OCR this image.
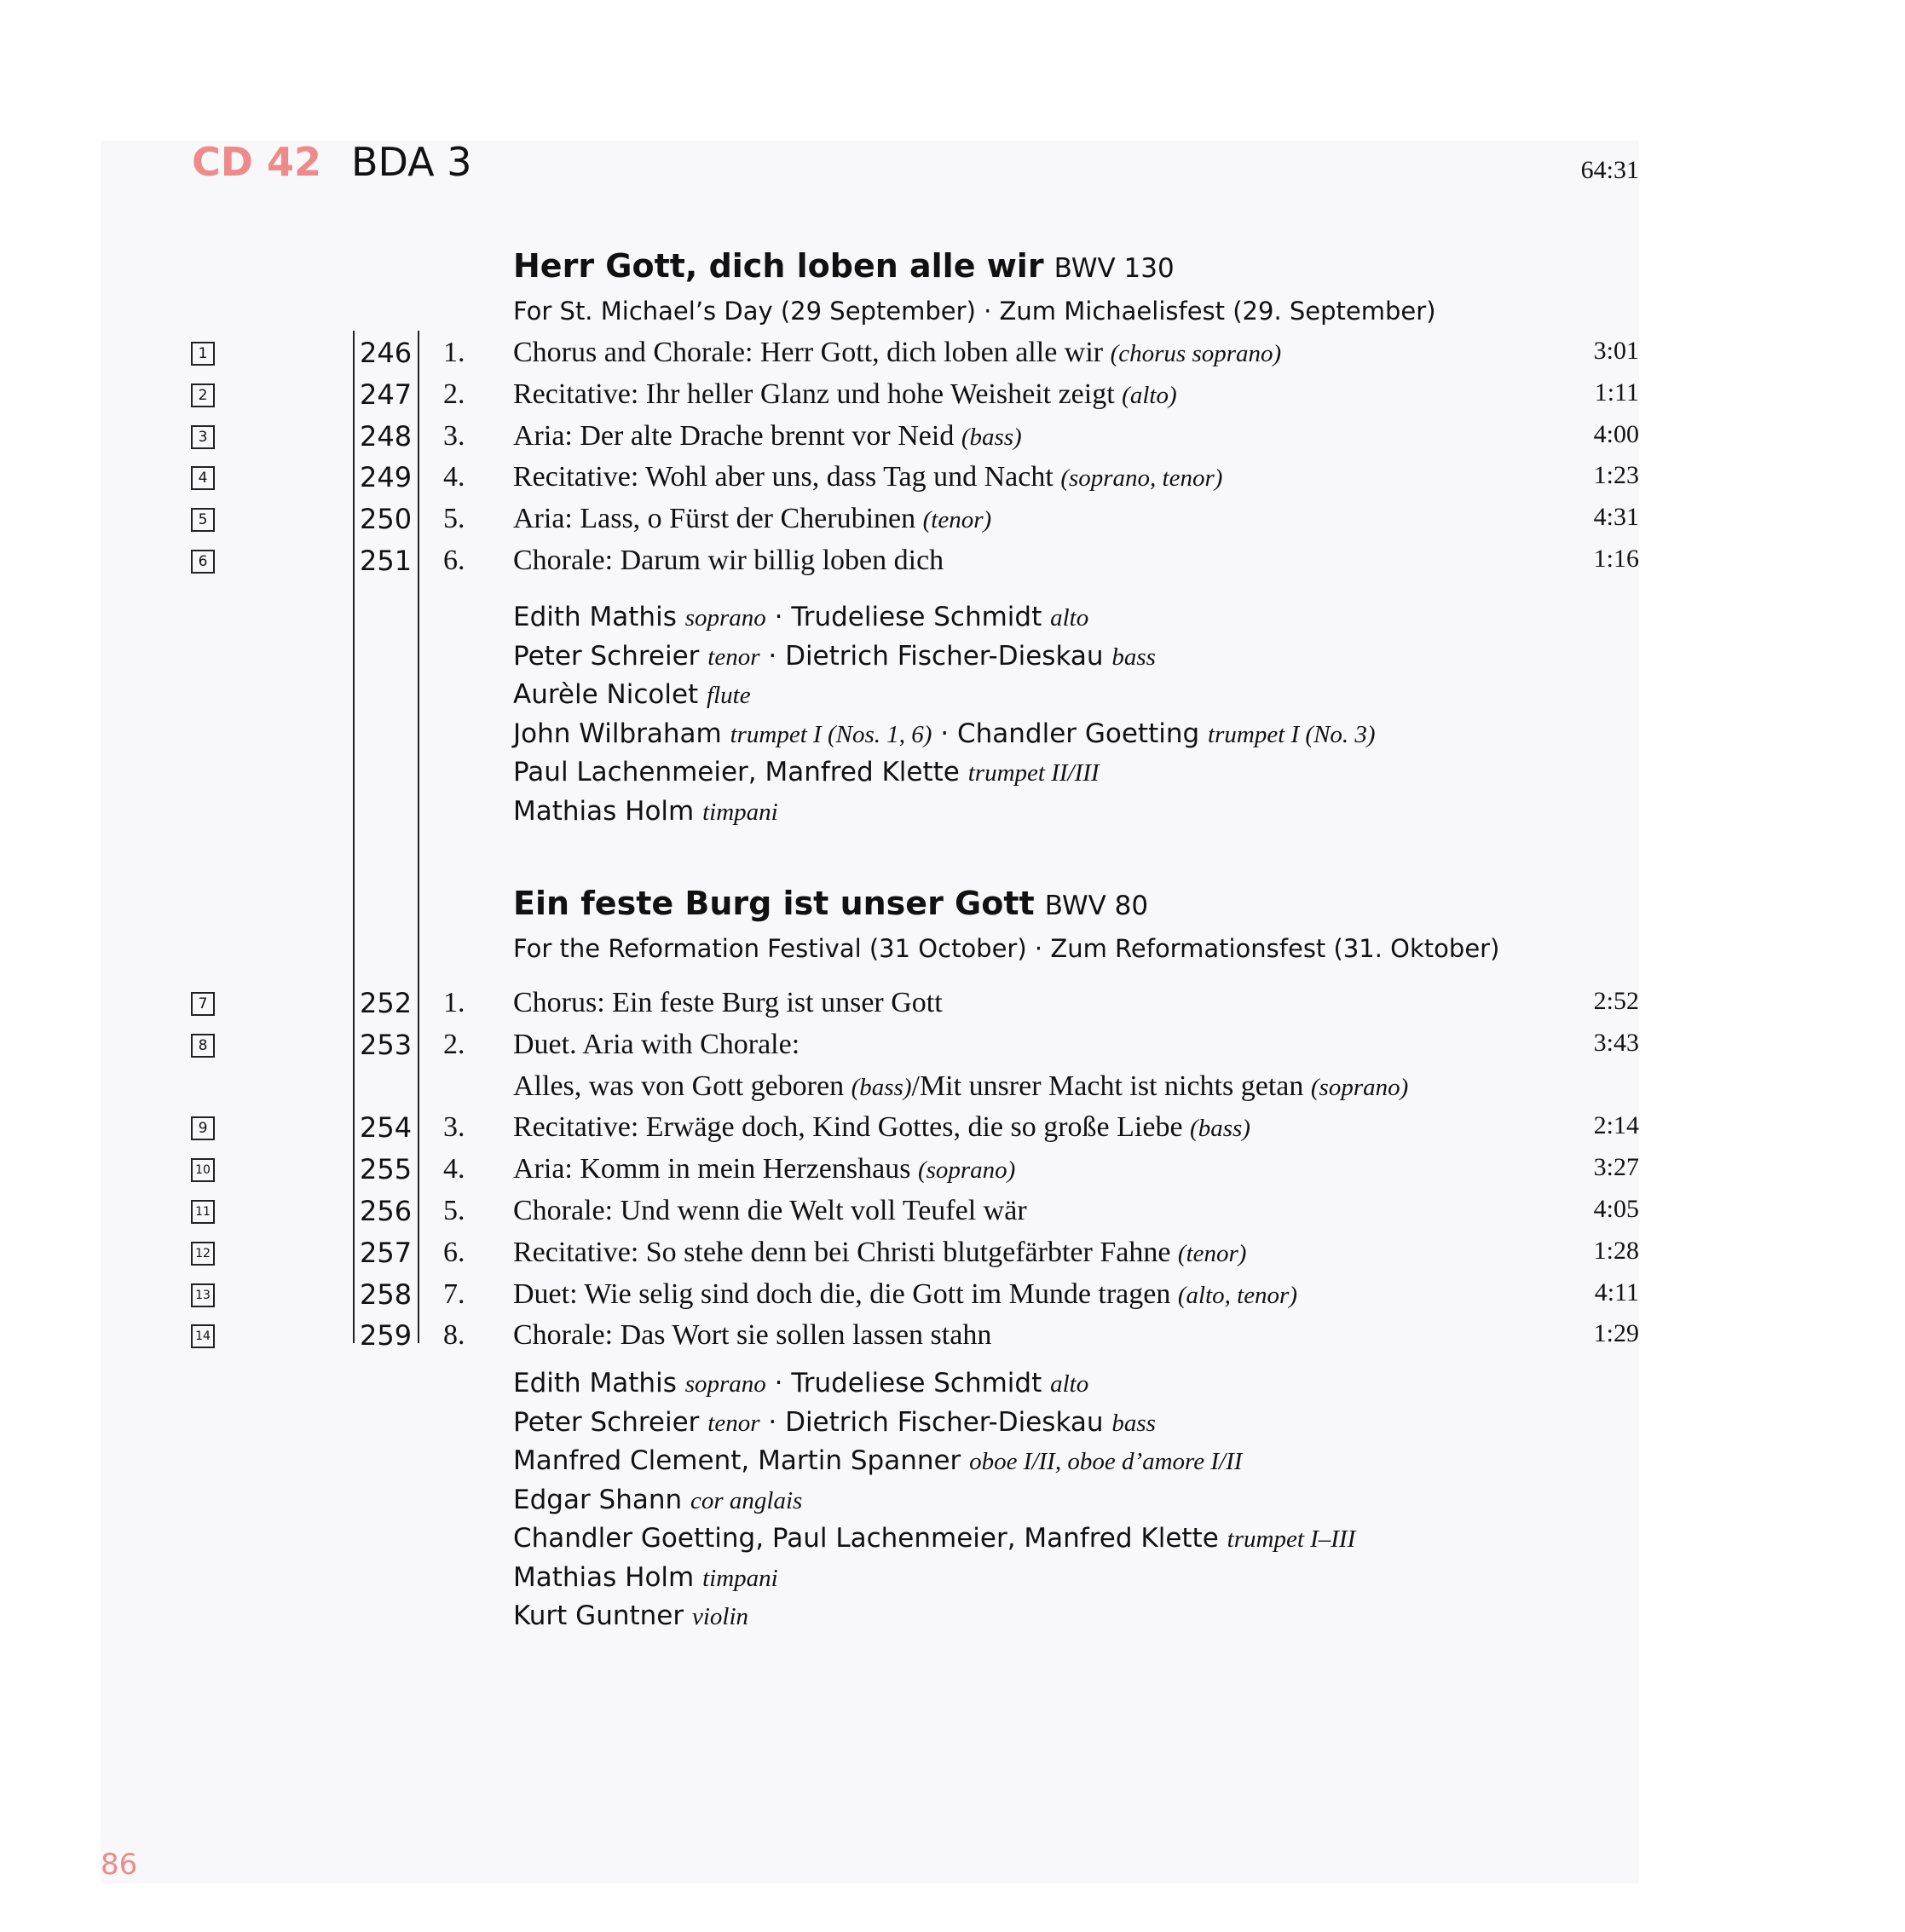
CD 42 BDA 3	64:31
Herr Gott, dich loben alle wir BWV 130
For St. Michael’s Day (29 September) · Zum Michaelisfest (29. September)
1	246 1. Chorus and Chorale: Herr Gott, dich loben alle wir (chorus soprano)	3:01
2	247 2. Recitative: Ihr heller Glanz und hohe Weisheit zeigt (alto)	1:11
3	248 3. Aria: Der alte Drache brennt vor Neid (bass)	4:00
4	249 4. Recitative: Wohl aber uns, dass Tag und Nacht (soprano, tenor)	1:23
5	250 5. Aria: Lass, o Fürst der Cherubinen (tenor)	4:31
6	251 6. Chorale: Darum wir billig loben dich	1:16
Edith Mathis soprano · Trudeliese Schmidt alto
Peter Schreier tenor · Dietrich Fischer-Dieskau bass
Aurèle Nicolet flute
John Wilbraham trumpet I (Nos. 1, 6) · Chandler Goetting trumpet I (No. 3)
Paul Lachenmeier, Manfred Klette trumpet II/III
Mathias Holm timpani
Ein feste Burg ist unser Gott BWV 80
For the Reformation Festival (31 October) · Zum Reformationsfest (31. Oktober)
7	252 1. Chorus: Ein feste Burg ist unser Gott	2:52
8	253 2. Duet. Aria with Chorale:	3:43
Alles, was von Gott geboren (bass)/Mit unsrer Macht ist nichts getan (soprano)
9	254 3. Recitative: Erwäge doch, Kind Gottes, die so große Liebe (bass)	2:14
10	255 4. Aria: Komm in mein Herzenshaus (soprano)	3:27
11	256 5. Chorale: Und wenn die Welt voll Teufel wär	4:05
12	257 6. Recitative: So stehe denn bei Christi blutgefärbter Fahne (tenor)	1:28
13	258 7. Duet: Wie selig sind doch die, die Gott im Munde tragen (alto, tenor)	4:11
14	259 8. Chorale: Das Wort sie sollen lassen stahn	1:29
Edith Mathis soprano · Trudeliese Schmidt alto
Peter Schreier tenor · Dietrich Fischer-Dieskau bass
Manfred Clement, Martin Spanner oboe I/II, oboe d’amore I/II
Edgar Shann cor anglais
Chandler Goetting, Paul Lachenmeier, Manfred Klette trumpet I–III
Mathias Holm timpani
Kurt Guntner violin
86
